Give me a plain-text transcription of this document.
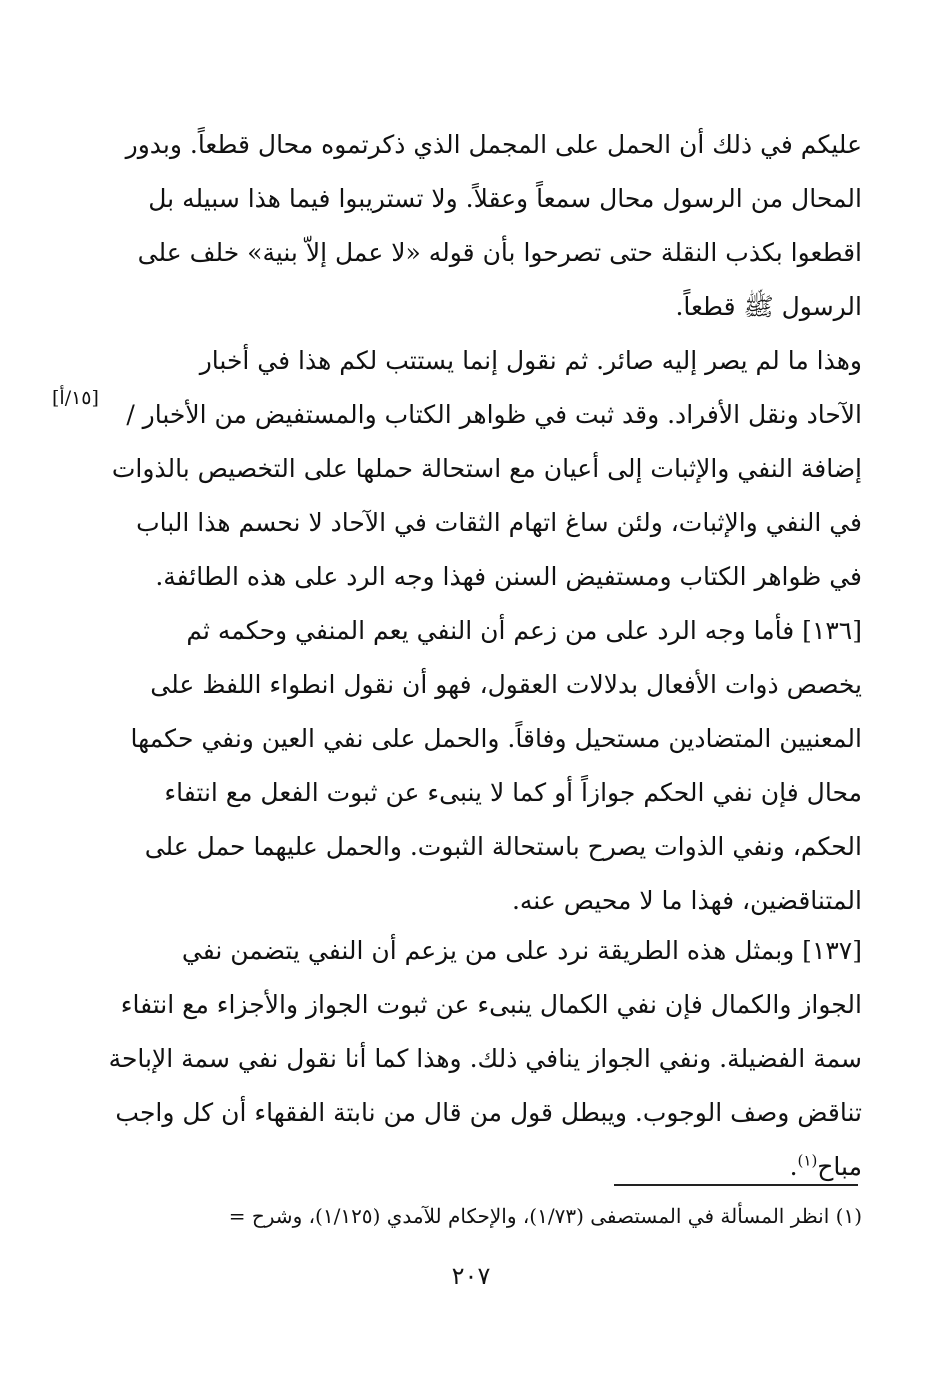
عليكم في ذلك أن الحمل على المجمل الذي ذكرتموه محال قطعاً. وبدور
المحال من الرسول محال سمعاً وعقلاً. ولا تستريبوا فيما هذا سبيله بل
اقطعوا بكذب النقلة حتى تصرحوا بأن قوله «لا عمل إلاّ بنية» خلف على
الرسول ﷺ قطعاً.

وهذا ما لم يصر إليه صائر. ثم نقول إنما يستتب لكم هذا في أخبار
الآحاد ونقل الأفراد. وقد ثبت في ظواهر الكتاب والمستفيض من الأخبار /
إضافة النفي والإثبات إلى أعيان مع استحالة حملها على التخصيص بالذوات
في النفي والإثبات، ولئن ساغ اتهام الثقات في الآحاد لا نحسم هذا الباب
في ظواهر الكتاب ومستفيض السنن فهذا وجه الرد على هذه الطائفة.

[١٥/أ]

[١٣٦] فأما وجه الرد على من زعم أن النفي يعم المنفي وحكمه ثم
يخصص ذوات الأفعال بدلالات العقول، فهو أن نقول انطواء اللفظ على
المعنيين المتضادين مستحيل وفاقاً. والحمل على نفي العين ونفي حكمها
محال فإن نفي الحكم جوازاً أو كما لا ينبىء عن ثبوت الفعل مع انتفاء
الحكم، ونفي الذوات يصرح باستحالة الثبوت. والحمل عليهما حمل على
المتناقضين، فهذا ما لا محيص عنه.

[١٣٧] وبمثل هذه الطريقة نرد على من يزعم أن النفي يتضمن نفي
الجواز والكمال فإن نفي الكمال ينبىء عن ثبوت الجواز والأجزاء مع انتفاء
سمة الفضيلة. ونفي الجواز ينافي ذلك. وهذا كما أنا نقول نفي سمة الإباحة
تناقض وصف الوجوب. ويبطل قول من قال من نابتة الفقهاء أن كل واجب
مباح$^{(١)}$.

(١) انظر المسألة في المستصفى (١/٧٣)، والإحكام للآمدي (١/١٢٥)، وشرح =
٢٠٧
